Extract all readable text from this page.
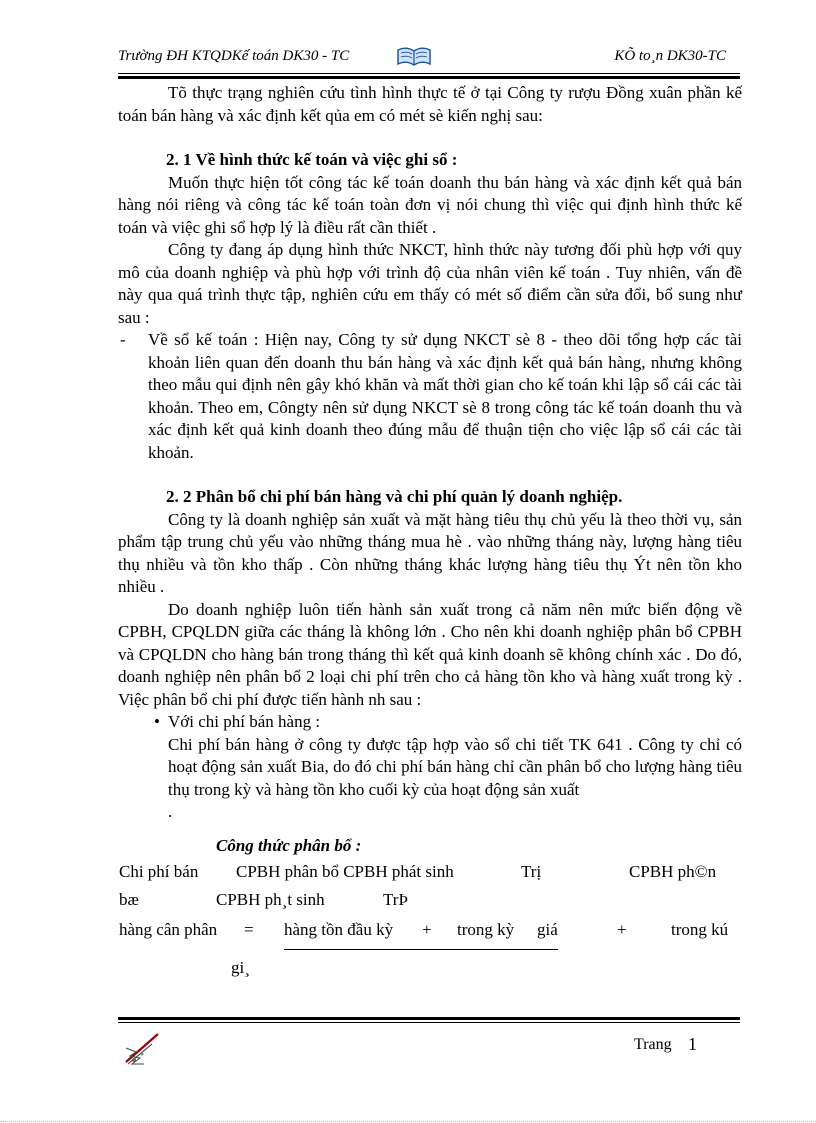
Trường ĐH KTQDKế toán DK30 - TC	KÕ to¸n DK30-TC

Tõ thực trạng nghiên cứu tình hình thực tế ở tại Công ty rượu Đồng xuân phần kế toán bán hàng và xác định kết qủa em có mét sè kiến nghị sau:

2. 1 Về hình thức kế toán và việc ghi sổ :

Muốn thực hiện tốt công tác kế toán doanh thu bán hàng và xác định kết quả bán hàng nói riêng và công tác kế toán toàn đơn vị nói chung thì việc qui định hình thức kế toán và việc ghi sổ hợp lý là điều rất cần thiết .

Công ty đang áp dụng hình thức NKCT, hình thức này tương đối phù hợp với quy mô của doanh nghiệp và phù hợp với trình độ của nhân viên kế toán . Tuy nhiên, vấn đề này qua quá trình thực tập, nghiên cứu em thấy có mét số điểm cần sửa đổi, bổ sung như sau :

- Về sổ kế toán : Hiện nay, Công ty sử dụng NKCT sè 8 - theo dõi tổng hợp các tài khoản liên quan đến doanh thu bán hàng và xác định kết quả bán hàng, nhưng không theo mẫu qui định nên gây khó khăn và mất thời gian cho kế toán khi lập sổ cái các tài khoản. Theo em, Côngty nên sử dụng NKCT sè 8 trong công tác kế toán doanh thu và xác định kết quả kinh doanh theo đúng mẫu để thuận tiện cho việc lập sổ cái các tài khoản.

2. 2 Phân bổ chi phí bán hàng và chi phí quản lý doanh nghiệp.

Công ty là doanh nghiệp sản xuất và mặt hàng tiêu thụ chủ yếu là theo thời vụ, sản phẩm tập trung chủ yếu vào những tháng mua hè . vào những tháng này, lượng hàng tiêu thụ nhiều và tồn kho thấp . Còn những tháng khác lượng hàng tiêu thụ Ýt nên tồn kho nhiều .

Do doanh nghiệp luôn tiến hành sản xuất trong cả năm nên mức biến động về CPBH, CPQLDN giữa các tháng là không lớn . Cho nên khi doanh nghiệp phân bổ CPBH và CPQLDN cho hàng bán trong tháng thì kết quả kinh doanh sẽ không chính xác . Do đó, doanh nghiệp nên phân bổ 2 loại chi phí trên cho cả hàng tồn kho và hàng xuất trong kỳ . Việc phân bổ chi phí được tiến hành nh sau :

• Với chi phí bán hàng :

Chi phí bán hàng ở công ty được tập hợp vào sổ chi tiết TK 641 . Công ty chỉ có hoạt động sản xuất Bia, do đó chi phí bán hàng chỉ cần phân bổ cho lượng hàng tiêu thụ trong kỳ và hàng tồn kho cuối kỳ của hoạt động sản xuất

.

Công thức phân bổ :
Chi phí bán CPBH phân bổ CPBH phát sinh	Trị	CPBH ph©n
bæ	CPBH ph¸t sinh	TrÞ
hàng cân phân = hàng tồn đầu kỳ + trong kỳ giá	+	trong kú
gi¸
Trang 1
